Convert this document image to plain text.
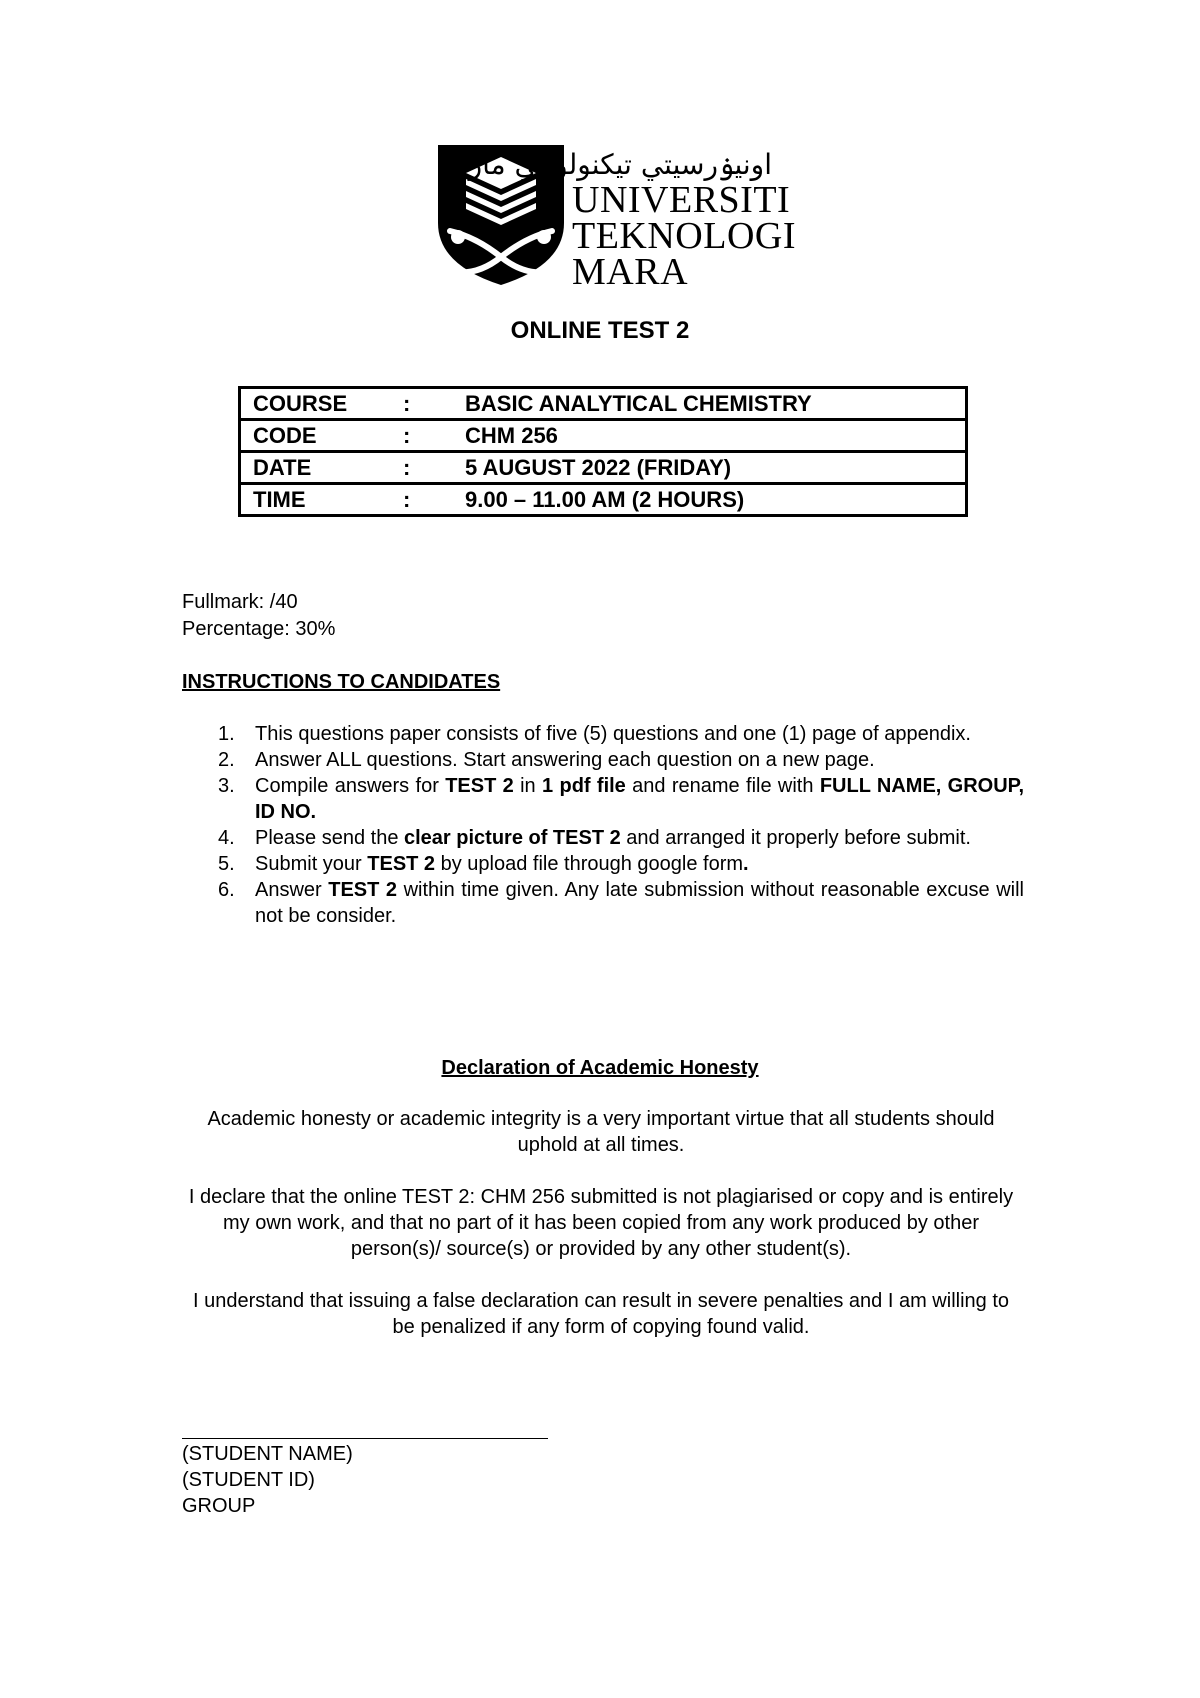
اونيۏرسيتي تيکنولوݢي مارا
UNIVERSITI
TEKNOLOGI
MARA
ONLINE TEST 2
COURSE	:	BASIC ANALYTICAL CHEMISTRY
CODE	:	CHM 256
DATE	:	5 AUGUST 2022 (FRIDAY)
TIME	:	9.00 – 11.00 AM (2 HOURS)
Fullmark: /40
Percentage: 30%
INSTRUCTIONS TO CANDIDATES
1. This questions paper consists of five (5) questions and one (1) page of appendix.
2. Answer ALL questions. Start answering each question on a new page.
3. Compile answers for TEST 2 in 1 pdf file and rename file with FULL NAME, GROUP, ID NO.
4. Please send the clear picture of TEST 2 and arranged it properly before submit.
5. Submit your TEST 2 by upload file through google form.
6. Answer TEST 2 within time given. Any late submission without reasonable excuse will not be consider.
Declaration of Academic Honesty
Academic honesty or academic integrity is a very important virtue that all students should uphold at all times.
I declare that the online TEST 2: CHM 256 submitted is not plagiarised or copy and is entirely my own work, and that no part of it has been copied from any work produced by other person(s)/ source(s) or provided by any other student(s).
I understand that issuing a false declaration can result in severe penalties and I am willing to be penalized if any form of copying found valid.
(STUDENT NAME)
(STUDENT ID)
GROUP
